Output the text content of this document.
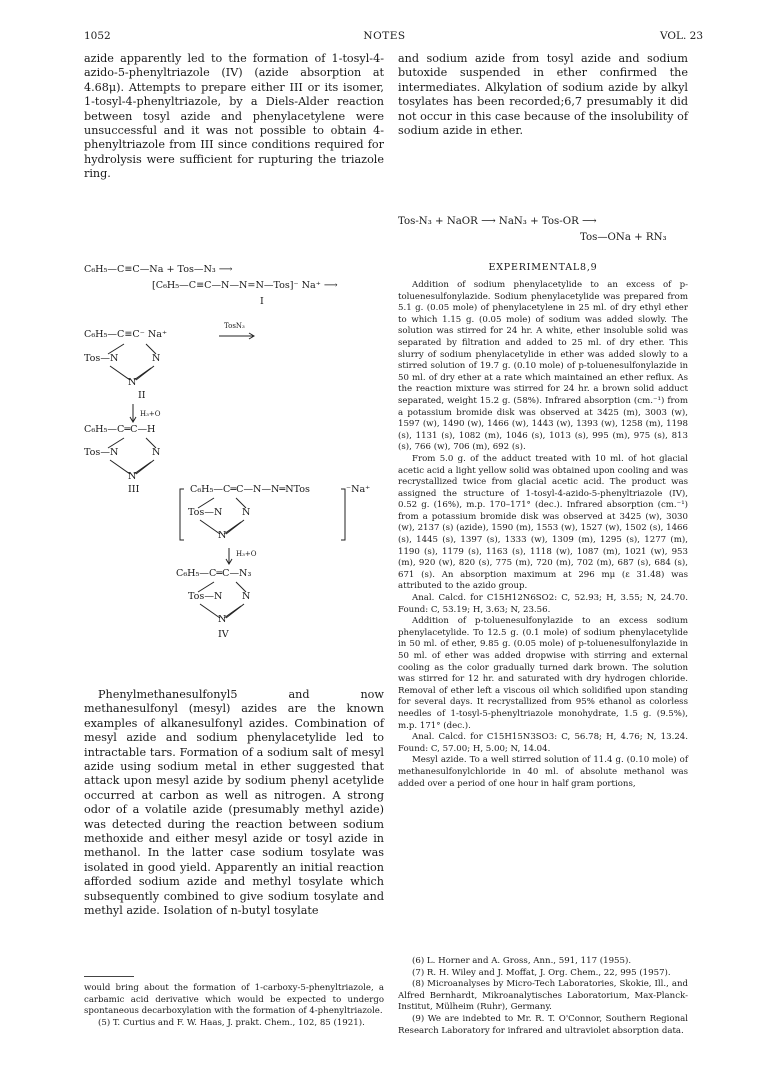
1052	NOTES	VOL. 23

azide apparently led to the formation of 1-tosyl-4-azido-5-phenyltriazole (IV) (azide absorption at 4.68μ). Attempts to prepare either III or its isomer, 1-tosyl-4-phenyltriazole, by a Diels-Alder reaction between tosyl azide and phenylacetylene were unsuccessful and it was not possible to obtain 4-phenyltriazole from III since conditions required for hydrolysis were sufficient for rupturing the triazole ring.

and sodium azide from tosyl azide and sodium butoxide suspended in ether confirmed the intermediates. Alkylation of sodium azide by alkyl tosylates has been recorded;6,7 presumably it did not occur in this case because of the insolubility of sodium azide in ether.

Tos-N₃ + NaOR ⟶ NaN₃ + Tos-OR ⟶
Tos—ONa + RN₃
C₆H₅—C≡C—Na + Tos—N₃ ⟶
[C₆H₅—C≡C—N—N=N—Tos]⁻ Na⁺ ⟶
I
TosN₃
C₆H₅—C≡C⁻ Na⁺
Tos—N	N
N
II
H₃+O
C₆H₅—C═C—H
Tos—N	N
N
III	C₆H₅—C═C—N—N═NTos	⁻Na⁺
Tos—N N
N
H₃+O
C₆H₅—C═C—N₃
Tos—N N
N
IV
EXPERIMENTAL8,9

Addition of sodium phenylacetylide to an excess of p-toluenesulfonylazide. Sodium phenylacetylide was prepared from 5.1 g. (0.05 mole) of phenylacetylene in 25 ml. of dry ethyl ether to which 1.15 g. (0.05 mole) of sodium was added slowly. The solution was stirred for 24 hr. A white, ether insoluble solid was separated by filtration and added to 25 ml. of dry ether. This slurry of sodium phenylacetylide in ether was added slowly to a stirred solution of 19.7 g. (0.10 mole) of p-toluenesulfonylazide in 50 ml. of dry ether at a rate which maintained an ether reflux. As the reaction mixture was stirred for 24 hr. a brown solid adduct separated, weight 15.2 g. (58%). Infrared absorption (cm.⁻¹) from a potassium bromide disk was observed at 3425 (m), 3003 (w), 1597 (w), 1490 (w), 1466 (w), 1443 (w), 1393 (w), 1258 (m), 1198 (s), 1131 (s), 1082 (m), 1046 (s), 1013 (s), 995 (m), 975 (s), 813 (s), 766 (w), 706 (m), 692 (s).

From 5.0 g. of the adduct treated with 10 ml. of hot glacial acetic acid a light yellow solid was obtained upon cooling and was recrystallized twice from glacial acetic acid. The product was assigned the structure of 1-tosyl-4-azido-5-phenyltriazole (IV), 0.52 g. (16%), m.p. 170–171° (dec.). Infrared absorption (cm.⁻¹) from a potassium bromide disk was observed at 3425 (w), 3030 (w), 2137 (s) (azide), 1590 (m), 1553 (w), 1527 (w), 1502 (s), 1466 (s), 1445 (s), 1397 (s), 1333 (w), 1309 (m), 1295 (s), 1277 (m), 1190 (s), 1179 (s), 1163 (s), 1118 (w), 1087 (m), 1021 (w), 953 (m), 920 (w), 820 (s), 775 (m), 720 (m), 702 (m), 687 (s), 684 (s), 671 (s). An absorption maximum at 296 mμ (ε 31.48) was attributed to the azido group.

Anal. Calcd. for C15H12N6SO2: C, 52.93; H, 3.55; N, 24.70. Found: C, 53.19; H, 3.63; N, 23.56.

Addition of p-toluenesulfonylazide to an excess sodium phenylacetylide. To 12.5 g. (0.1 mole) of sodium phenylacetylide in 50 ml. of ether, 9.85 g. (0.05 mole) of p-toluenesulfonylazide in 50 ml. of ether was added dropwise with stirring and external cooling as the color gradually turned dark brown. The solution was stirred for 12 hr. and saturated with dry hydrogen chloride. Removal of ether left a viscous oil which solidified upon standing for several days. It recrystallized from 95% ethanol as colorless needles of 1-tosyl-5-phenyltriazole monohydrate, 1.5 g. (9.5%), m.p. 171° (dec.).

Anal. Calcd. for C15H15N3SO3: C, 56.78; H, 4.76; N, 13.24. Found: C, 57.00; H, 5.00; N, 14.04.

Mesyl azide. To a well stirred solution of 11.4 g. (0.10 mole) of methanesulfonylchloride in 40 ml. of absolute methanol was added over a period of one hour in half gram portions,

Phenylmethanesulfonyl5 and now methanesulfonyl (mesyl) azides are the known examples of alkanesulfonyl azides. Combination of mesyl azide and sodium phenylacetylide led to intractable tars. Formation of a sodium salt of mesyl azide using sodium metal in ether suggested that attack upon mesyl azide by sodium phenyl acetylide occurred at carbon as well as nitrogen. A strong odor of a volatile azide (presumably methyl azide) was detected during the reaction between sodium methoxide and either mesyl azide or tosyl azide in methanol. In the latter case sodium tosylate was isolated in good yield. Apparently an initial reaction afforded sodium azide and methyl tosylate which subsequently combined to give sodium tosylate and methyl azide. Isolation of n-butyl tosylate

would bring about the formation of 1-carboxy-5-phenyltriazole, a carbamic acid derivative which would be expected to undergo spontaneous decarboxylation with the formation of 4-phenyltriazole.

(5) T. Curtius and F. W. Haas, J. prakt. Chem., 102, 85 (1921).

(6) L. Horner and A. Gross, Ann., 591, 117 (1955).

(7) R. H. Wiley and J. Moffat, J. Org. Chem., 22, 995 (1957).

(8) Microanalyses by Micro-Tech Laboratories, Skokie, Ill., and Alfred Bernhardt, Mikroanalytisches Laboratorium, Max-Planck-Institut, Mülheim (Ruhr), Germany.

(9) We are indebted to Mr. R. T. O'Connor, Southern Regional Research Laboratory for infrared and ultraviolet absorption data.
